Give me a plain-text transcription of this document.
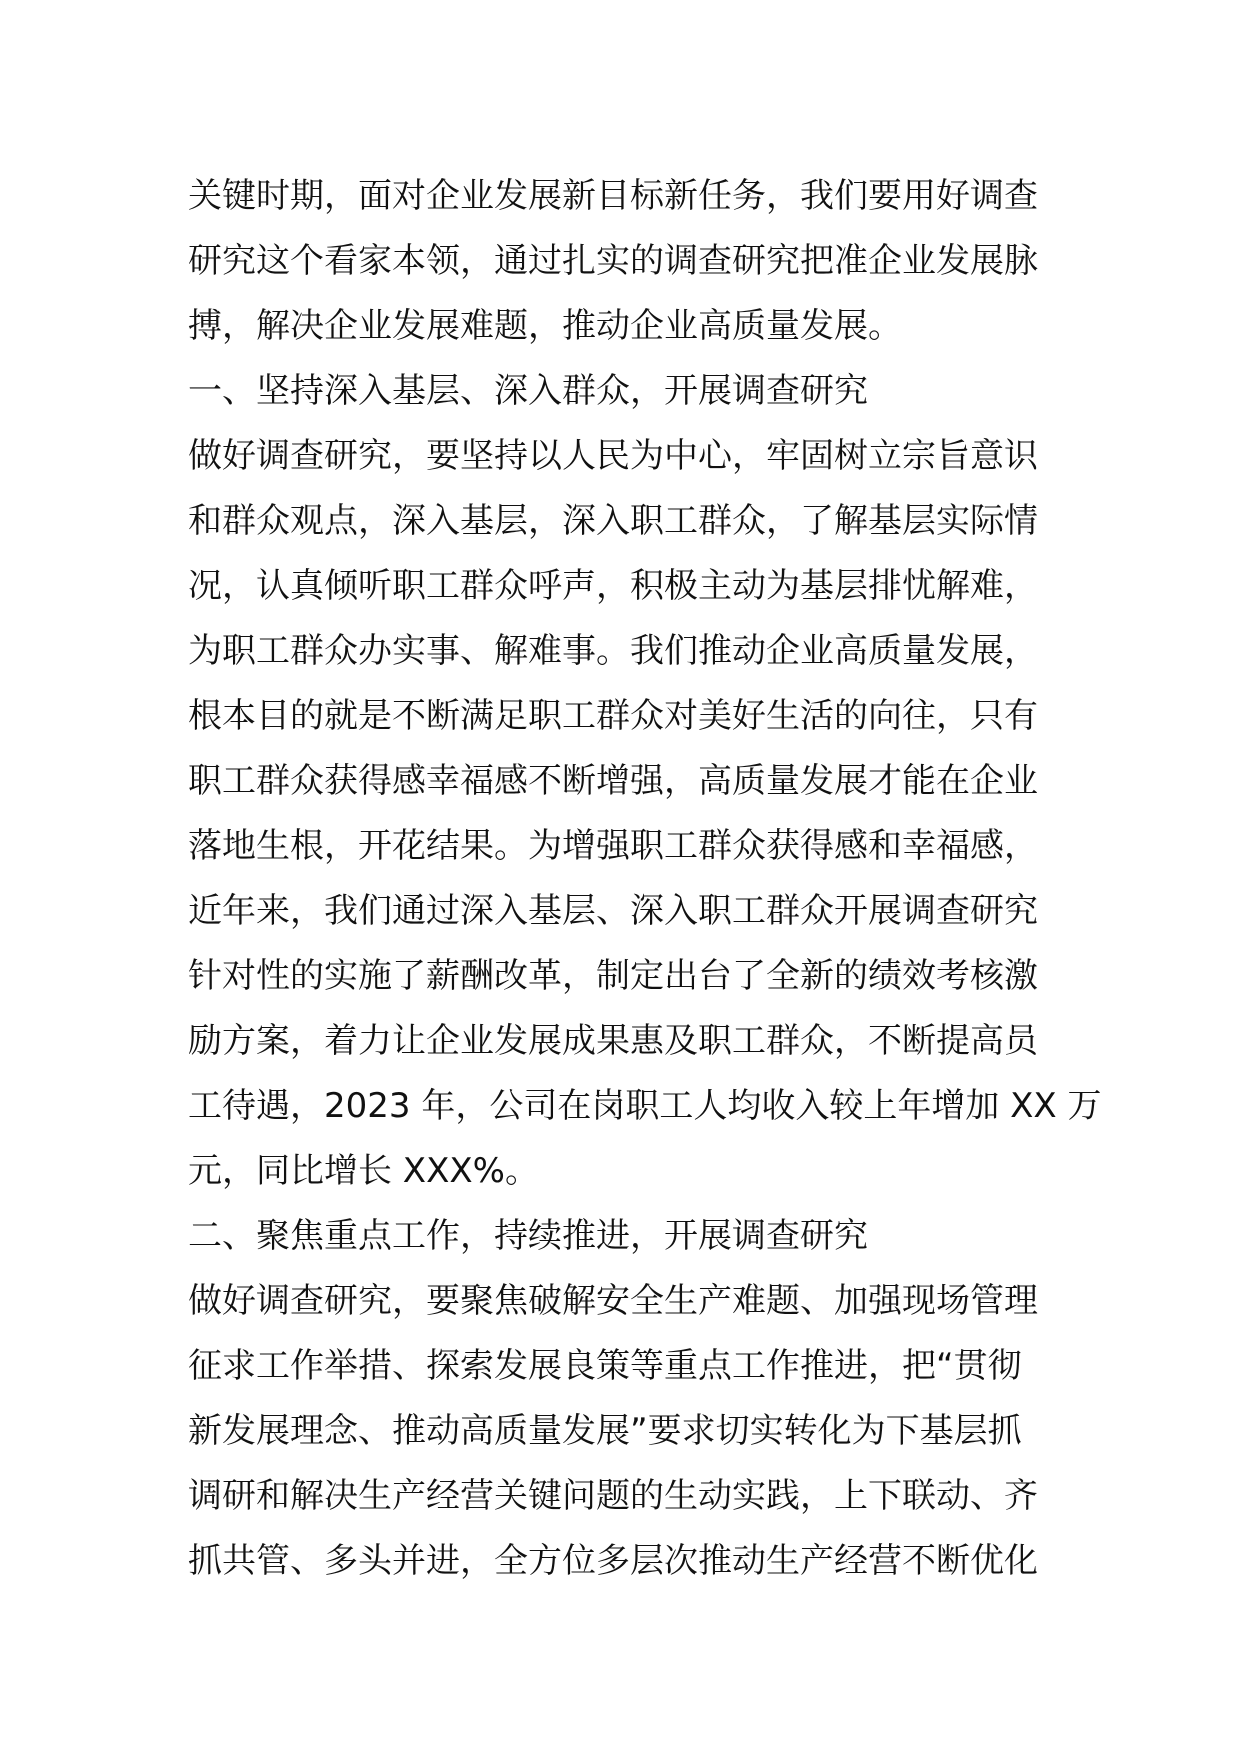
关键时期，面对企业发展新目标新任务，我们要用好调查
研究这个看家本领，通过扎实的调查研究把准企业发展脉
搏，解决企业发展难题，推动企业高质量发展。
一、坚持深入基层、深入群众，开展调查研究
做好调查研究，要坚持以人民为中心，牢固树立宗旨意识
和群众观点，深入基层，深入职工群众，了解基层实际情
况，认真倾听职工群众呼声，积极主动为基层排忧解难，
为职工群众办实事、解难事。我们推动企业高质量发展，
根本目的就是不断满足职工群众对美好生活的向往，只有
职工群众获得感幸福感不断增强，高质量发展才能在企业
落地生根，开花结果。为增强职工群众获得感和幸福感，
近年来，我们通过深入基层、深入职工群众开展调查研究
针对性的实施了薪酬改革，制定出台了全新的绩效考核激
励方案，着力让企业发展成果惠及职工群众，不断提高员
工待遇，2023 年，公司在岗职工人均收入较上年增加 XX 万
元，同比增长 XXX%。
二、聚焦重点工作，持续推进，开展调查研究
做好调查研究，要聚焦破解安全生产难题、加强现场管理
征求工作举措、探索发展良策等重点工作推进，把“贯彻
新发展理念、推动高质量发展”要求切实转化为下基层抓
调研和解决生产经营关键问题的生动实践，上下联动、齐
抓共管、多头并进，全方位多层次推动生产经营不断优化
